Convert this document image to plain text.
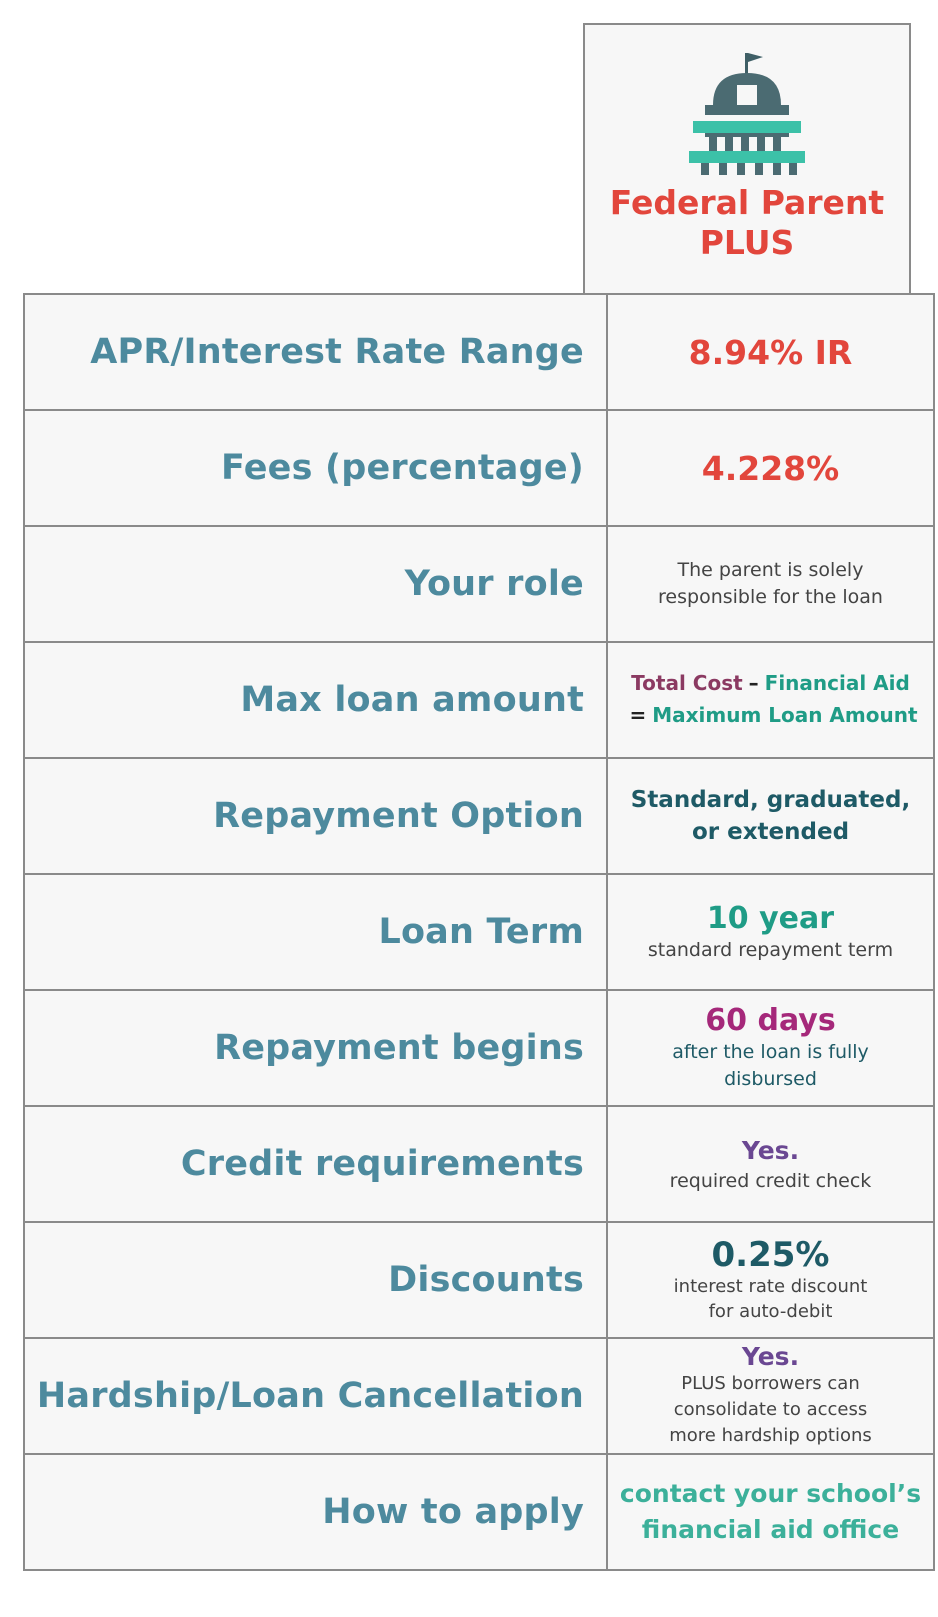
Federal Parent
PLUS
APR/Interest Rate Range	8.94% IR
Fees (percentage)	4.228%
Your role	The parent is solely
responsible for the loan

Max loan amount	Total Cost – Financial Aid
= Maximum Loan Amount

Repayment Option	Standard, graduated,
or extended

Loan Term	10 year
standard repayment term

Repayment begins	60 days
after the loan is fully
disbursed

Credit requirements	Yes.
required credit check

Discounts	0.25%
interest rate discount
for auto-debit

Hardship/Loan Cancellation	Yes.
PLUS borrowers can
consolidate to access
more hardship options

How to apply	contact your school’s
financial aid office
